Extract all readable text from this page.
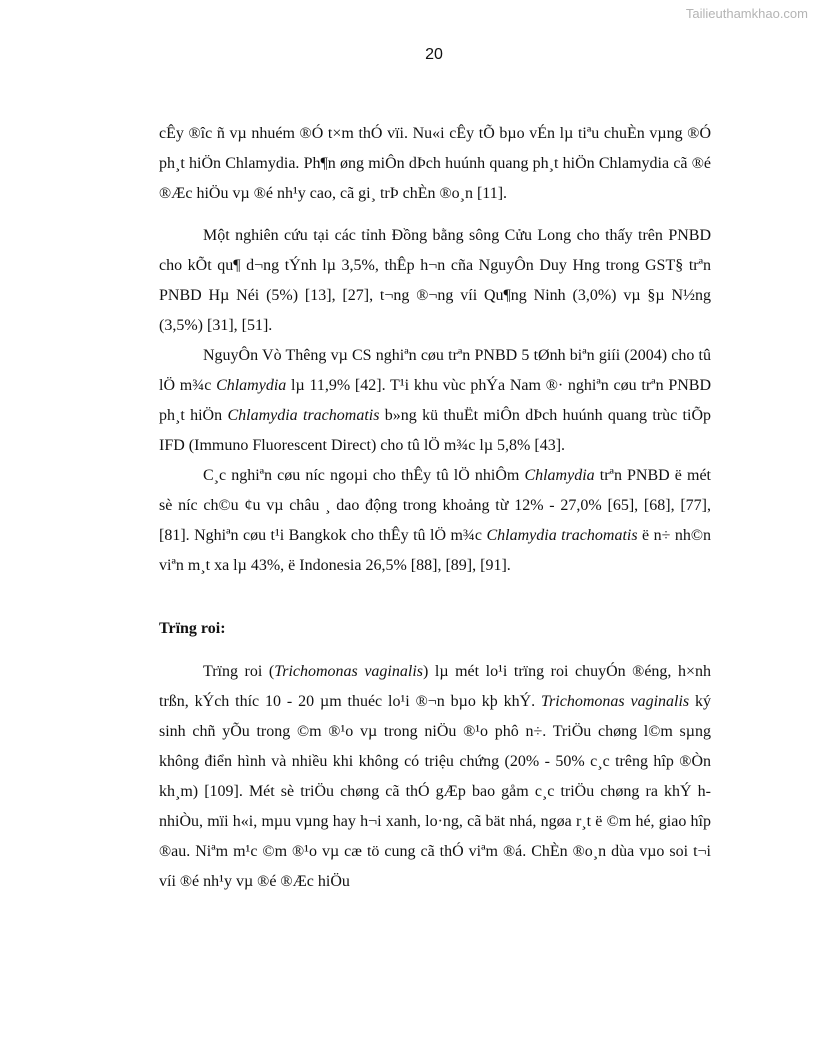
Tailieuthamkhao.com
20

cÊy ®îc ñ vµ nhuém ®Ó t×m thÓ vïi. Nu«i cÊy tÕ bµo vÉn lµ tiªu chuÈn vµng ®Ó ph¸t hiÖn Chlamydia. Ph¶n øng miÔn dÞch huúnh quang ph¸t hiÖn Chlamydia cã ®é ®Æc hiÖu vµ ®é nh¹y cao, cã gi¸ trÞ chÈn ®o¸n [11].

Một nghiên cứu tại các tỉnh Đồng bằng sông Cửu Long cho thấy trên PNBD cho kÕt qu¶ d¬ng tÝnh lµ 3,5%, thÊp h¬n cña NguyÔn Duy Hng trong GST§ trªn PNBD Hµ Néi (5%) [13], [27], t¬ng ®¬ng víi Qu¶ng Ninh (3,0%) vµ §µ N½ng (3,5%) [31], [51].

NguyÔn Vò Thêng vµ CS nghiªn cøu trªn PNBD 5 tØnh biªn giíi (2004) cho tû lÖ m¾c Chlamydia lµ 11,9% [42]. T¹i khu vùc phÝa Nam ®· nghiªn cøu trªn PNBD ph¸t hiÖn Chlamydia trachomatis b»ng kü thuËt miÔn dÞch huúnh quang trùc tiÕp IFD (Immuno Fluorescent Direct) cho tû lÖ m¾c lµ 5,8% [43].

C¸c nghiªn cøu níc ngoµi cho thÊy tû lÖ nhiÔm Chlamydia trªn PNBD ë mét sè níc ch©u ¢u vµ châu ¸ dao động trong khoảng từ 12% - 27,0% [65], [68], [77], [81]. Nghiªn cøu t¹i Bangkok cho thÊy tû lÖ m¾c Chlamydia trachomatis ë n÷ nh©n viªn m¸t xa lµ 43%, ë Indonesia 26,5% [88], [89], [91].

Trïng roi:

Trïng roi (Trichomonas vaginalis) lµ mét lo¹i trïng roi chuyÓn ®éng, h×nh trßn, kÝch thíc 10 - 20 µm thuéc lo¹i ®¬n bµo kþ khÝ. Trichomonas vaginalis ký sinh chñ yÕu trong ©m ®¹o vµ trong niÖu ®¹o phô n÷. TriÖu chøng l©m sµng không điển hình và nhiều khi không có triệu chứng (20% - 50% c¸c trêng hîp ®Òn kh¸m) [109]. Mét sè triÖu chøng cã thÓ gÆp bao gåm c¸c triÖu chøng ra khÝ h nhiÒu, mïi h«i, mµu vµng hay h¬i xanh, lo·ng, cã bät nhá, ngøa r¸t ë ©m hé, giao hîp ®au. Niªm m¹c ©m ®¹o vµ cæ tö cung cã thÓ viªm ®á. ChÈn ®o¸n dùa vµo soi t¬i víi ®é nh¹y vµ ®é ®Æc hiÖu
